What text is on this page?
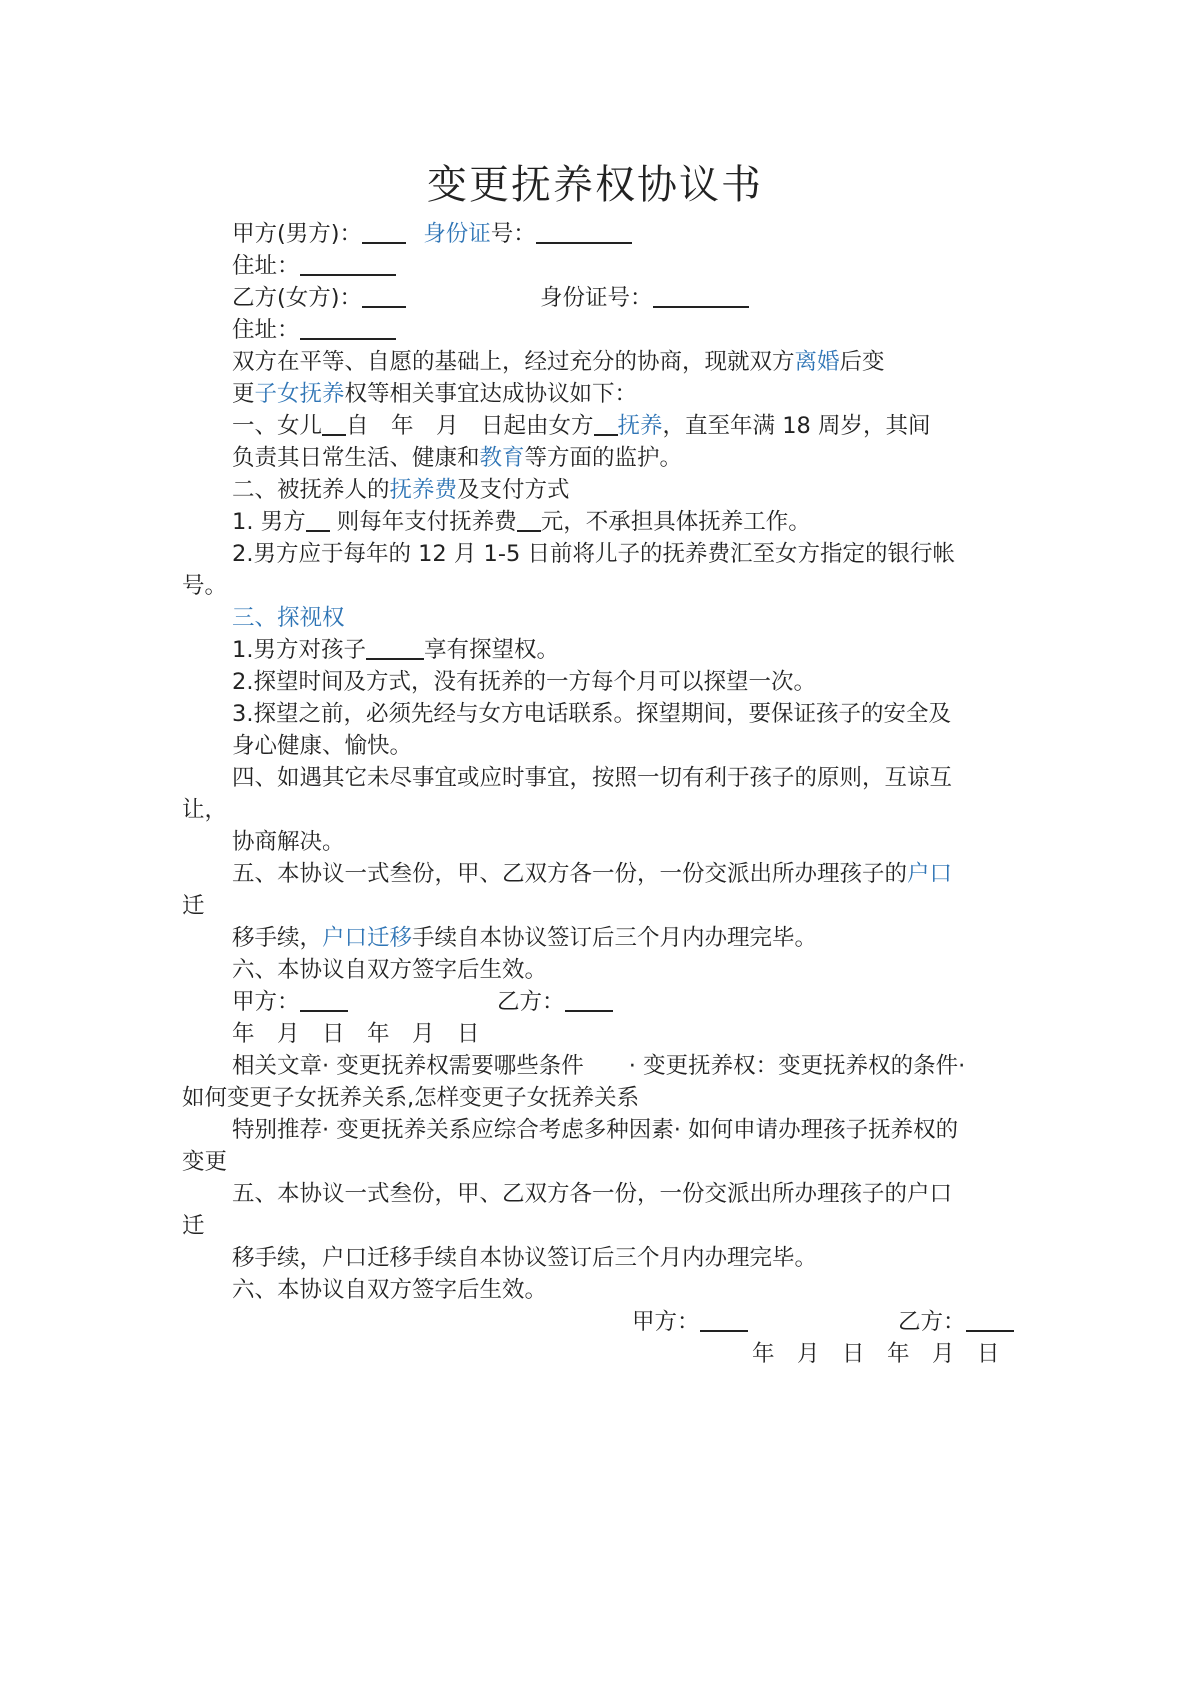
变更抚养权协议书
甲方(男方)：	身份证号：
住址：
乙方(女方)：	身份证号：
住址：
双方在平等、自愿的基础上，经过充分的协商，现就双方离婚后变
更子女抚养权等相关事宜达成协议如下：
一、女儿 自　年　月　日起由女方 抚养，直至年满 18 周岁，其间
负责其日常生活、健康和教育等方面的监护。
二、被抚养人的抚养费及支付方式
1. 男方 则每年支付抚养费 元，不承担具体抚养工作。
2.男方应于每年的 12 月 1-5 日前将儿子的抚养费汇至女方指定的银行帐
号。
三、探视权
1.男方对孩子	享有探望权。
2.探望时间及方式，没有抚养的一方每个月可以探望一次。
3.探望之前，必须先经与女方电话联系。探望期间，要保证孩子的安全及
身心健康、愉快。
四、如遇其它未尽事宜或应时事宜，按照一切有利于孩子的原则，互谅互
让，
协商解决。
五、本协议一式叁份，甲、乙双方各一份，一份交派出所办理孩子的户口
迁
移手续，户口迁移手续自本协议签订后三个月内办理完毕。
六、本协议自双方签字后生效。
甲方：	乙方：
年　月　日　年　月　日
相关文章· 变更抚养权需要哪些条件　　· 变更抚养权：变更抚养权的条件·
如何变更子女抚养关系,怎样变更子女抚养关系
特别推荐· 变更抚养关系应综合考虑多种因素· 如何申请办理孩子抚养权的
变更
五、本协议一式叁份，甲、乙双方各一份，一份交派出所办理孩子的户口
迁
移手续，户口迁移手续自本协议签订后三个月内办理完毕。
六、本协议自双方签字后生效。
甲方：	乙方：
年　月　日　年　月　日
